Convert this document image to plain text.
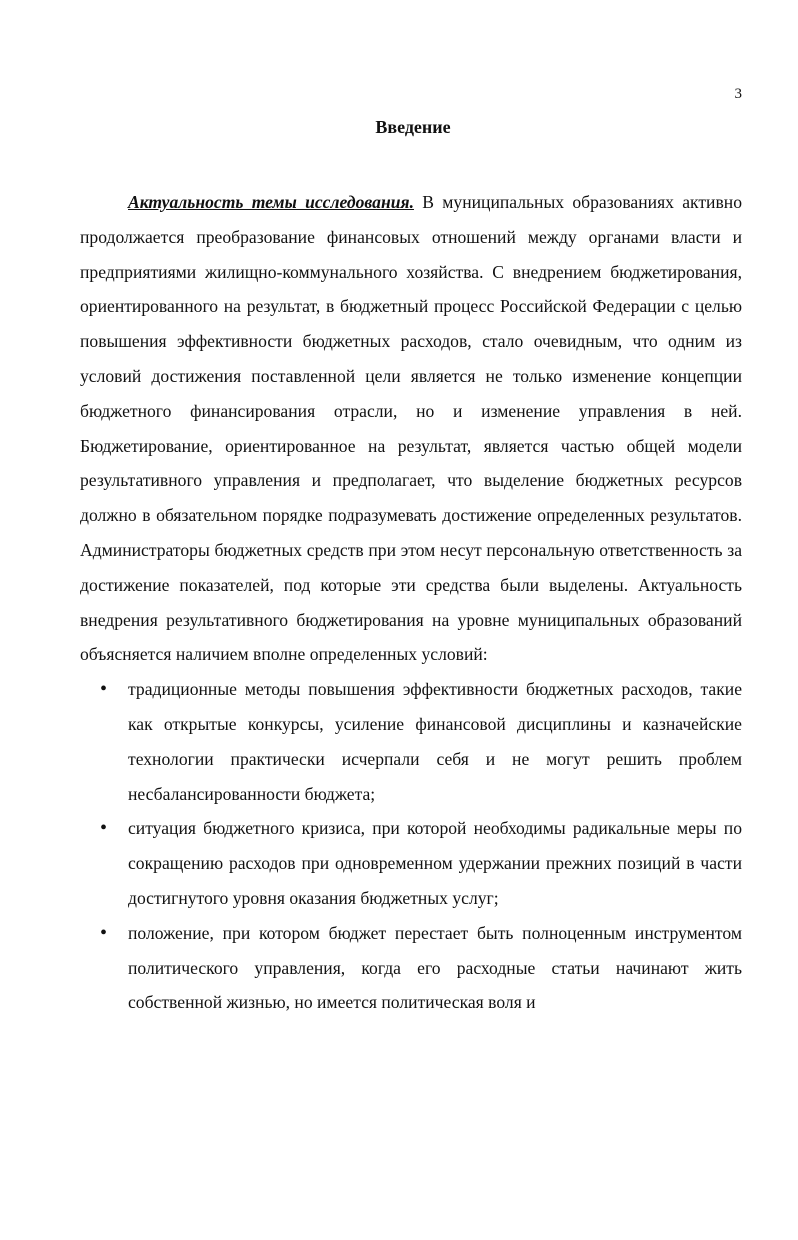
3
Введение

Актуальность темы исследования. В муниципальных образованиях активно продолжается преобразование финансовых отношений между органами власти и предприятиями жилищно-коммунального хозяйства. С внедрением бюджетирования, ориентированного на результат, в бюджетный процесс Российской Федерации с целью повышения эффективности бюджетных расходов, стало очевидным, что одним из условий достижения поставленной цели является не только изменение концепции бюджетного финансирования отрасли, но и изменение управления в ней. Бюджетирование, ориентированное на результат, является частью общей модели результативного управления и предполагает, что выделение бюджетных ресурсов должно в обязательном порядке подразумевать достижение определенных результатов. Администраторы бюджетных средств при этом несут персональную ответственность за достижение показателей, под которые эти средства были выделены. Актуальность внедрения результативного бюджетирования на уровне муниципальных образований объясняется наличием вполне определенных условий:

• традиционные методы повышения эффективности бюджетных расходов, такие как открытые конкурсы, усиление финансовой дисциплины и казначейские технологии практически исчерпали себя и не могут решить проблем несбалансированности бюджета;
• ситуация бюджетного кризиса, при которой необходимы радикальные меры по сокращению расходов при одновременном удержании прежних позиций в части достигнутого уровня оказания бюджетных услуг;
• положение, при котором бюджет перестает быть полноценным инструментом политического управления, когда его расходные статьи начинают жить собственной жизнью, но имеется политическая воля и
